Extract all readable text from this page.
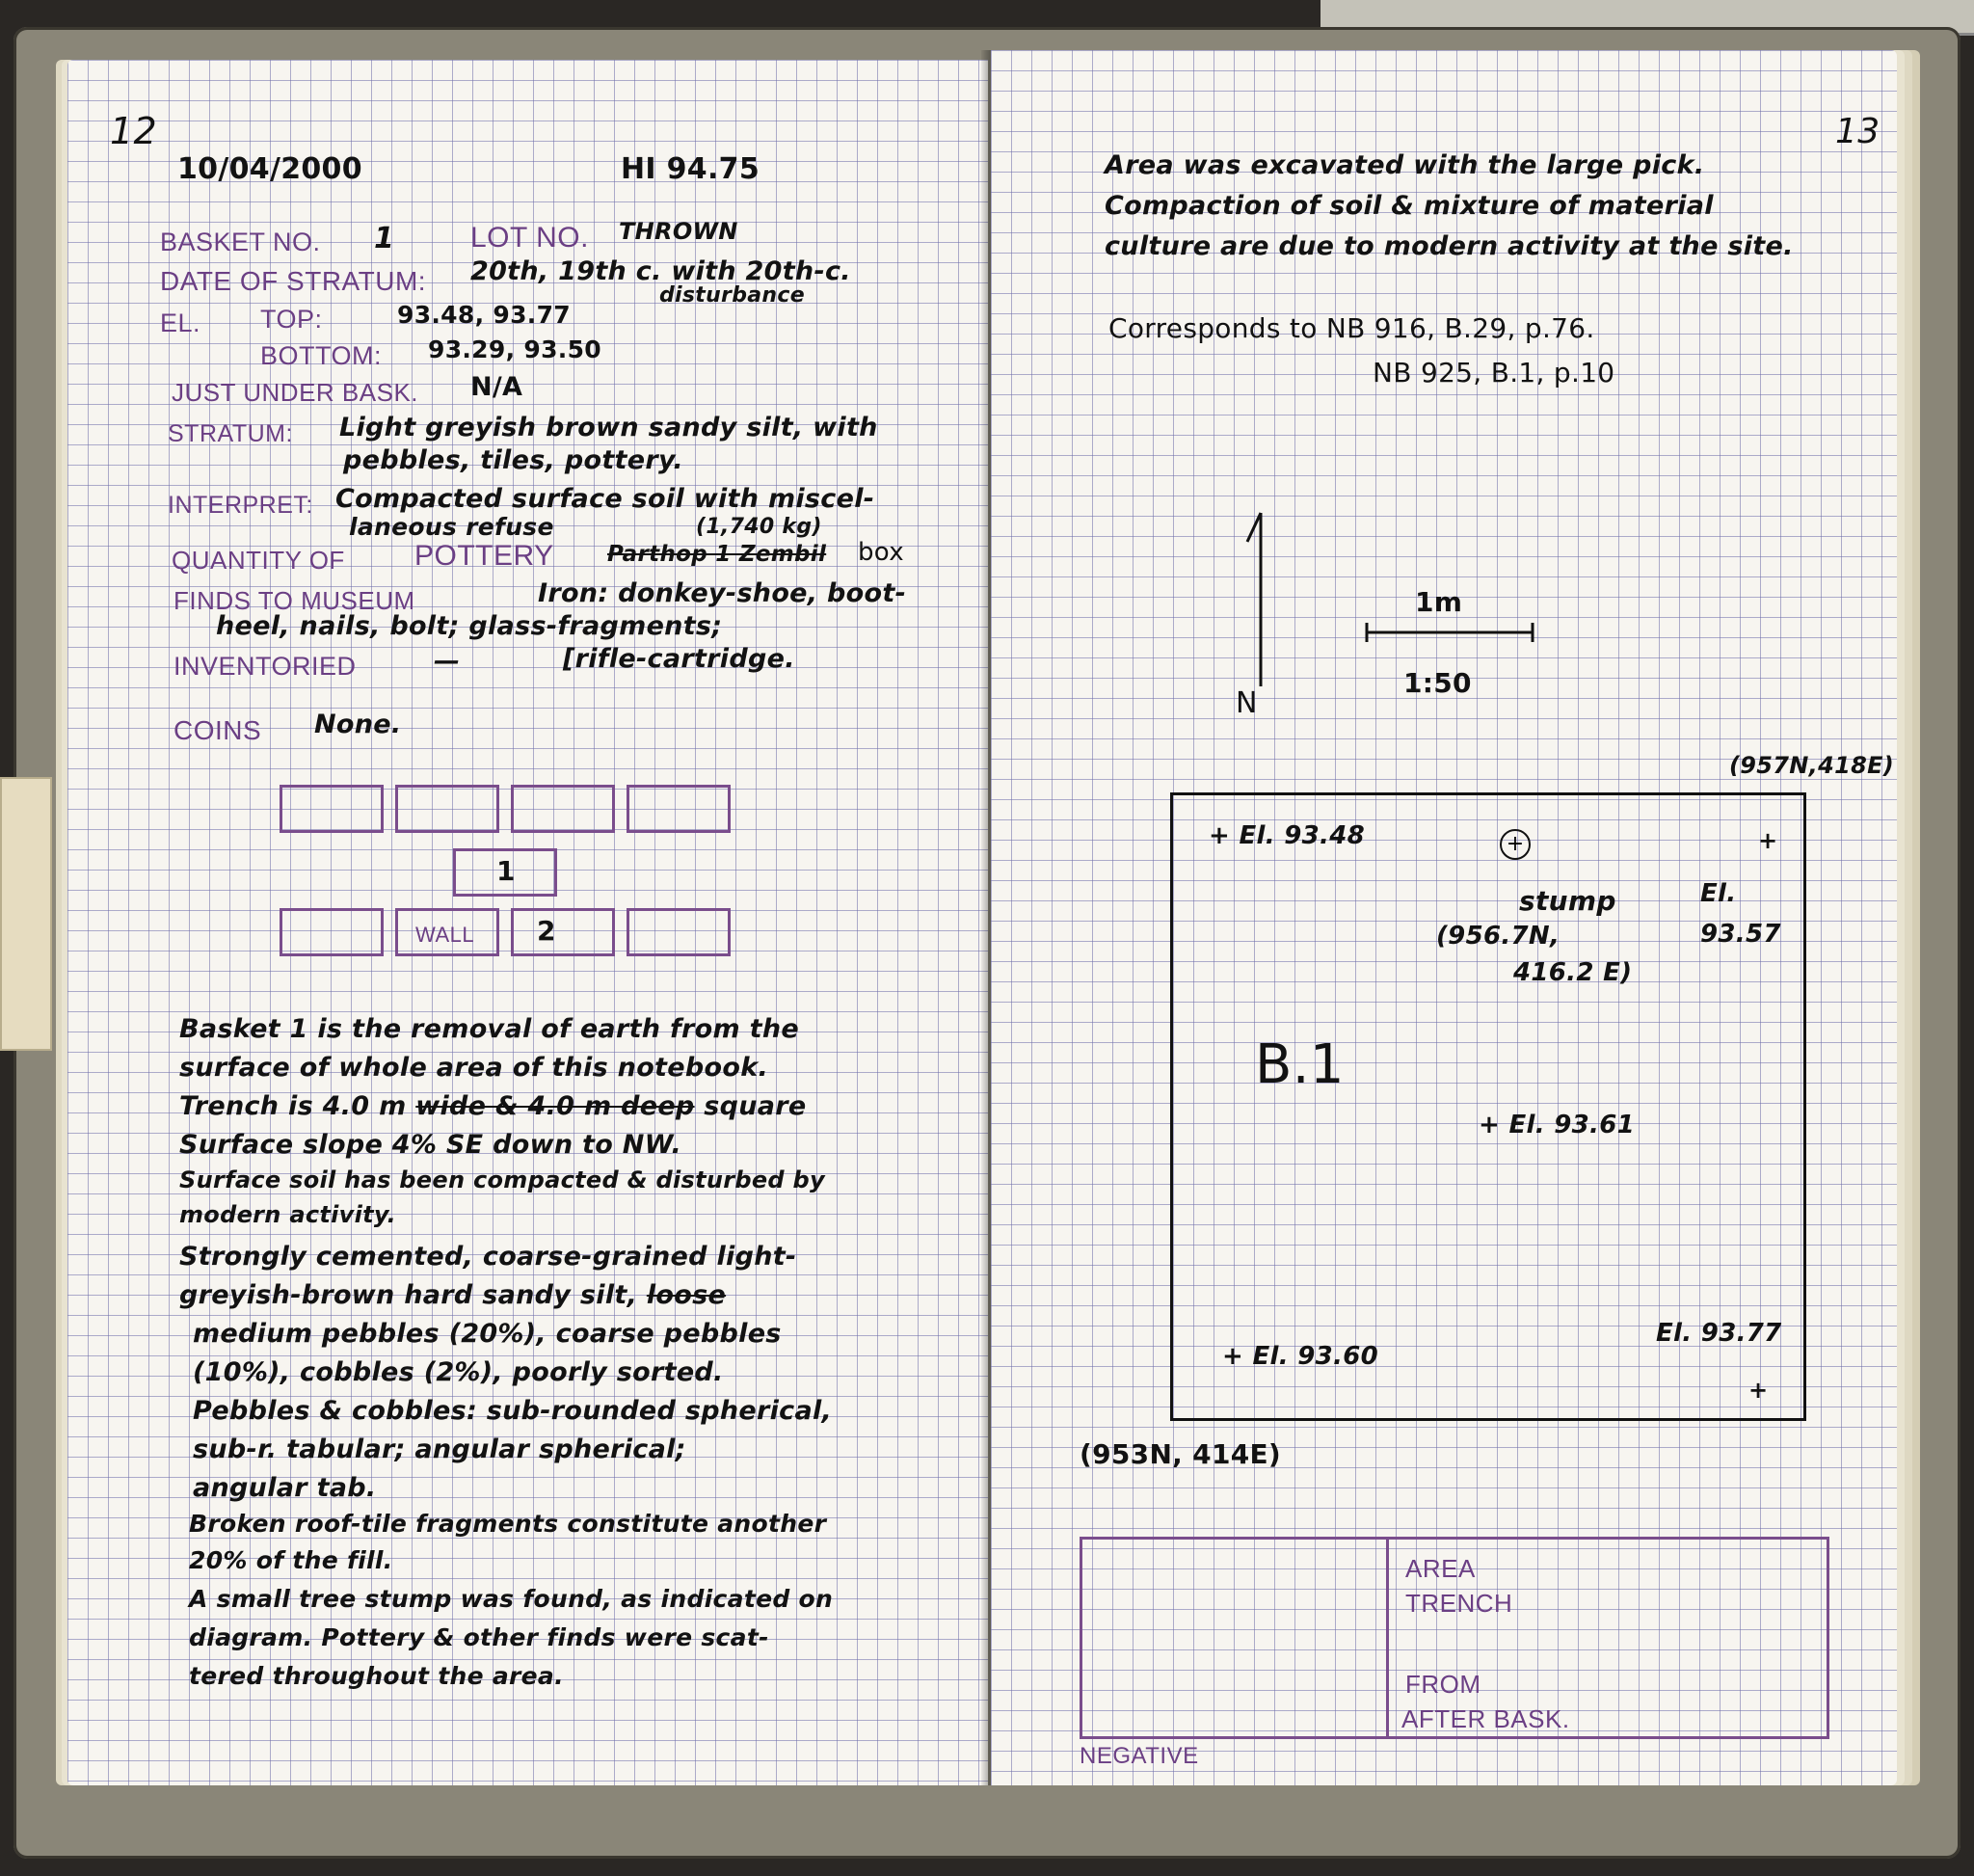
12
10/04/2000	HI 94.75
BASKET NO. 1	LOT NO. THROWN
DATE OF STRATUM: 20th, 19th c. with 20th-c.
disturbance
EL. TOP:	93.48, 93.77
BOTTOM: 93.29, 93.50
JUST UNDER BASK. N/A
STRATUM: Light greyish brown sandy silt, with
pebbles, tiles, pottery.
INTERPRET: Compacted surface soil with miscel-
laneous refuse	(1,740 kg)
QUANTITY OF POTTERY Parthop 1 Zembil box
FINDS TO MUSEUM	Iron: donkey-shoe, boot-
heel, nails, bolt; glass-fragments;
INVENTORIED	—	[rifle-cartridge.
COINS None.
1
WALL 2
Basket 1 is the removal of earth from the
surface of whole area of this notebook.
Trench is 4.0 m wide & 4.0 m deep square
Surface slope 4% SE down to NW.
Surface soil has been compacted & disturbed by
modern activity.
Strongly cemented, coarse-grained light-
greyish-brown hard sandy silt, loose
medium pebbles (20%), coarse pebbles
(10%), cobbles (2%), poorly sorted.
Pebbles & cobbles: sub-rounded spherical,
sub-r. tabular; angular spherical;
angular tab.
Broken roof-tile fragments constitute another
20% of the fill.
A small tree stump was found, as indicated on
diagram. Pottery & other finds were scat-
tered throughout the area.
13
Area was excavated with the large pick.
Compaction of soil & mixture of material
culture are due to modern activity at the site.
Corresponds to NB 916, B.29, p.76.
NB 925, B.1, p.10
N
1m
1:50
(957N,418E)
+ El. 93.48	+
stump
(956.7N,
416.2 E)
+
El.
93.57
B.1
+ El. 93.61
+ El. 93.60
El. 93.77
+
(953N, 414E)
AREA
TRENCH
FROM
AFTER BASK.
NEGATIVE
